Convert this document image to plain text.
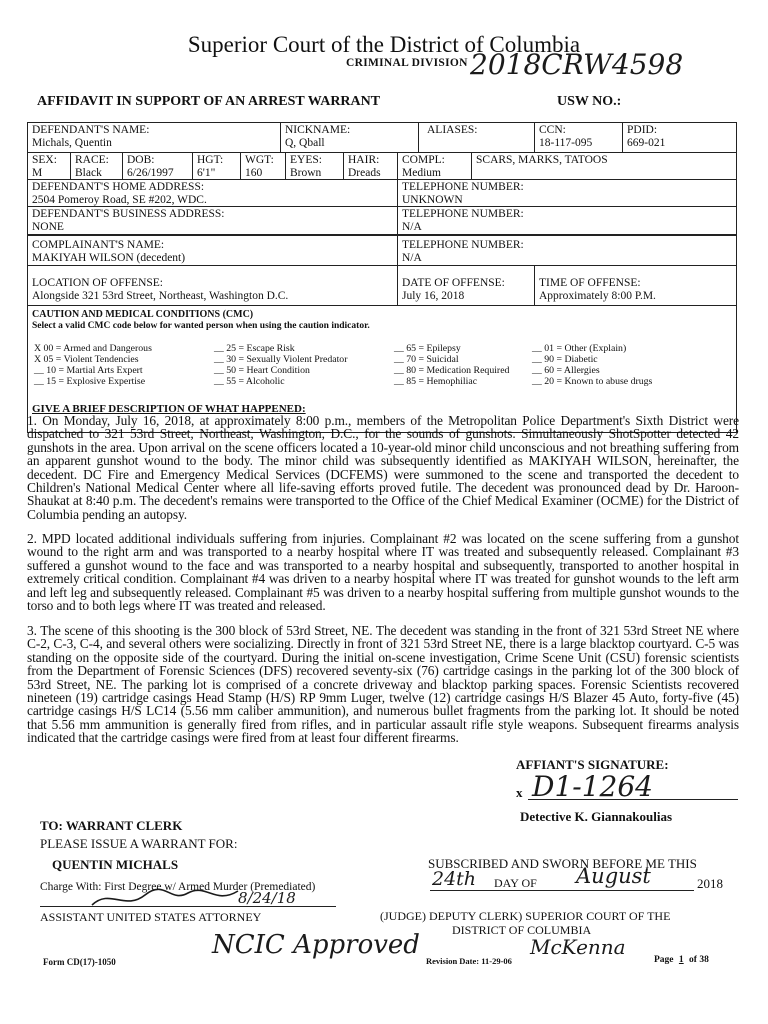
Superior Court of the District of Columbia
CRIMINAL DIVISION 2018CRW4598
AFFIDAVIT IN SUPPORT OF AN ARREST WARRANT	USW NO.:
DEFENDANT'S NAME:
Michals, Quentin
NICKNAME:
Q, Qball
ALIASES:	CCN:
18-117-095
PDID:
669-021
SEX:
M
RACE:
Black
DOB:
6/26/1997
HGT:
6'1"
WGT:
160
EYES:
Brown
HAIR:
Dreads
COMPL:
Medium
SCARS, MARKS, TATOOS
DEFENDANT'S HOME ADDRESS:
2504 Pomeroy Road, SE #202, WDC.
TELEPHONE NUMBER:
UNKNOWN
DEFENDANT'S BUSINESS ADDRESS:
NONE
TELEPHONE NUMBER:
N/A
COMPLAINANT'S NAME:
MAKIYAH WILSON (decedent)
TELEPHONE NUMBER:
N/A
LOCATION OF OFFENSE:
Alongside 321 53rd Street, Northeast, Washington D.C.
DATE OF OFFENSE:
July 16, 2018
TIME OF OFFENSE:
Approximately 8:00 P.M.
CAUTION AND MEDICAL CONDITIONS (CMC)
Select a valid CMC code below for wanted person when using the caution indicator.
X 00 = Armed and Dangerous
X 05 = Violent Tendencies
__ 10 = Martial Arts Expert
__ 15 = Explosive Expertise
__ 25 = Escape Risk
__ 30 = Sexually Violent Predator
__ 50 = Heart Condition
__ 55 = Alcoholic
__ 65 = Epilepsy
__ 70 = Suicidal
__ 80 = Medication Required
__ 85 = Hemophiliac
__ 01 = Other (Explain)
__ 90 = Diabetic
__ 60 = Allergies
__ 20 = Known to abuse drugs
GIVE A BRIEF DESCRIPTION OF WHAT HAPPENED:
1. On Monday, July 16, 2018, at approximately 8:00 p.m., members of the Metropolitan Police Department's Sixth District were dispatched to 321 53rd Street, Northeast, Washington, D.C., for the sounds of gunshots. Simultaneously ShotSpotter detected 42 gunshots in the area. Upon arrival on the scene officers located a 10-year-old minor child unconscious and not breathing suffering from an apparent gunshot wound to the body. The minor child was subsequently identified as MAKIYAH WILSON, hereinafter, the decedent. DC Fire and Emergency Medical Services (DCFEMS) were summoned to the scene and transported the decedent to Children's National Medical Center where all life-saving efforts proved futile. The decedent was pronounced dead by Dr. Haroon-Shaukat at 8:40 p.m. The decedent's remains were transported to the Office of the Chief Medical Examiner (OCME) for the District of Columbia pending an autopsy.
2. MPD located additional individuals suffering from injuries. Complainant #2 was located on the scene suffering from a gunshot wound to the right arm and was transported to a nearby hospital where IT was treated and subsequently released. Complainant #3 suffered a gunshot wound to the face and was transported to a nearby hospital and subsequently, transported to another hospital in extremely critical condition. Complainant #4 was driven to a nearby hospital where IT was treated for gunshot wounds to the left arm and left leg and subsequently released. Complainant #5 was driven to a nearby hospital suffering from multiple gunshot wounds to the torso and to both legs where IT was treated and released.
3. The scene of this shooting is the 300 block of 53rd Street, NE. The decedent was standing in the front of 321 53rd Street NE where C-2, C-3, C-4, and several others were socializing. Directly in front of 321 53rd Street NE, there is a large blacktop courtyard. C-5 was standing on the opposite side of the courtyard. During the initial on-scene investigation, Crime Scene Unit (CSU) forensic scientists from the Department of Forensic Sciences (DFS) recovered seventy-six (76) cartridge casings in the parking lot of the 300 block of 53rd Street, NE. The parking lot is comprised of a concrete driveway and blacktop parking spaces. Forensic Scientists recovered nineteen (19) cartridge casings Head Stamp (H/S) RP 9mm Luger, twelve (12) cartridge casings H/S Blazer 45 Auto, forty-five (45) cartridge casings H/S LC14 (5.56 mm caliber ammunition), and numerous bullet fragments from the parking lot. It should be noted that 5.56 mm ammunition is generally fired from rifles, and in particular assault rifle style weapons. Subsequent firearms analysis indicated that the cartridge casings were fired from at least four different firearms.
AFFIANT'S SIGNATURE:
x D1-1264
Detective K. Giannakoulias
TO: WARRANT CLERK
PLEASE ISSUE A WARRANT FOR:
QUENTIN MICHALS
Charge With: First Degree w/ Armed Murder (Premediated)
8/24/18
ASSISTANT UNITED STATES ATTORNEY
NCIC Approved
Form CD(17)-1050
SUBSCRIBED AND SWORN BEFORE ME THIS
24th DAY OF August	2018
(JUDGE) DEPUTY CLERK) SUPERIOR COURT OF THE
DISTRICT OF COLUMBIA
McKenna
Revision Date: 11-29-06	Page 1 of 38
